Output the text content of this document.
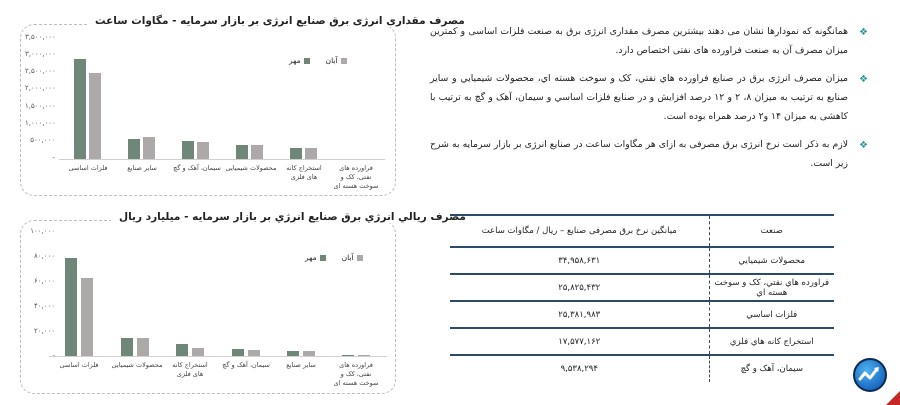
مصرف مقداری انرژی برق صنایع انرژی بر بازار سرمایه - مگاوات ساعت
۳,۵۰۰,۰۰۰
۳,۰۰۰,۰۰۰
۲,۵۰۰,۰۰۰
۲,۰۰۰,۰۰۰
۱,۵۰۰,۰۰۰
۱,۰۰۰,۰۰۰
۵۰۰,۰۰۰
-
آبان
مهر
فلزات اساسی	سایر صنایع	سیمان، آهک و گچ محصولات شیمیایی	استخراج کانه های فلزی
فراورده های نفتی، کک و سوخت هسته ای
مصرف ریالي انرژي برق صنايع انرژي بر بازار سرمايه - ميليارد ريال
۱۰۰,۰۰۰
۸۰,۰۰۰
۶۰,۰۰۰
۴۰,۰۰۰
۲۰,۰۰۰
آبان
مهر
فلزات اساسی	محصولات شیمیایی	استخراج کانه های فلزی
سیمان، آهک و گچ	سایر صنایع	فراورده های نفتی، کک و سوخت هسته ای
❖
همانگونه که نمودارها نشان می دهند بیشترین مصرف مقداری انرژی برق به صنعت فلزات اساسی و کمترین میزان مصرف آن به صنعت فراورده های نفتی اختصاص دارد.
❖
میزان مصرف انرژی برق در صنایع فراورده هاي نفتي، کک و سوخت هسته اي، محصولات شيميايي و ساير صنایع به ترتیب به میزان ۸، ۲ و ۱۲ درصد افزایش و در صنایع فلزات اساسي و سيمان، آهک و گچ به ترتیب با کاهشی به میزان ۱۴ و۲ درصد همراه بوده است.
❖
لازم به ذکر است نرخ انرژی برق مصرفی به ازای هر مگاوات ساعت در صنایع انرژی بر بازار سرمایه به شرح زیر است.
صنعت	میانگین نرخ برق مصرفی صنایع – ریال / مگاوات ساعت
محصولات شيميايي	۳۴,۹۵۸,۶۳۱
فراورده هاي نفتي، کک و سوخت هسته اي	۲۵,۸۲۵,۴۳۲
فلزات اساسي	۲۵,۳۸۱,۹۸۳
استخراج کانه هاي فلزي	۱۷,۵۷۷,۱۶۲
سيمان، آهک و گچ	۹,۵۳۸,۲۹۴
